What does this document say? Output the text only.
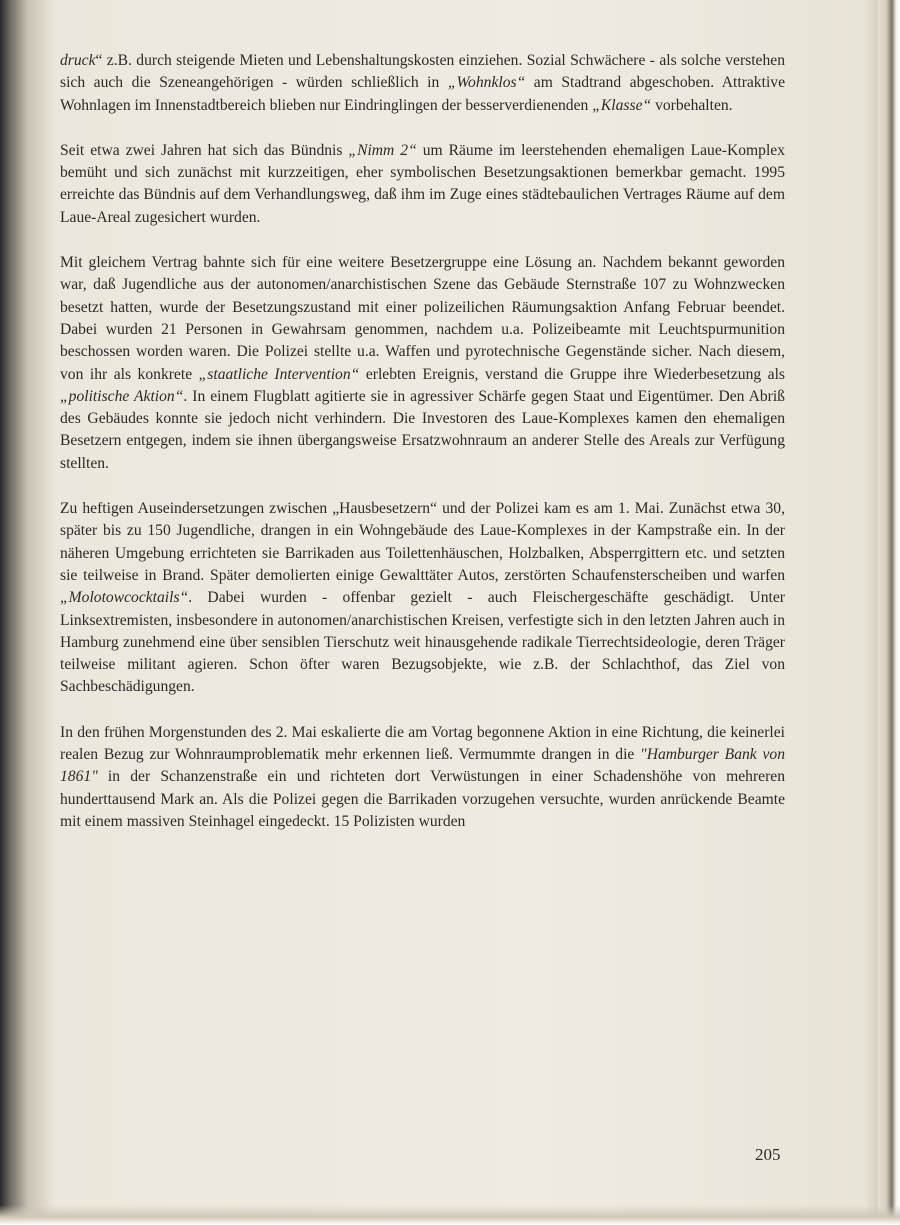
druck“ z.B. durch steigende Mieten und Lebenshaltungskosten einziehen. Sozial Schwächere - als solche verstehen sich auch die Szeneangehörigen - würden schließlich in „Wohnklos“ am Stadtrand abgeschoben. Attraktive Wohnlagen im Innenstadtbereich blieben nur Eindringlingen der besserverdienenden „Klasse“ vorbehalten.

Seit etwa zwei Jahren hat sich das Bündnis „Nimm 2“ um Räume im leerstehenden ehemaligen Laue-Komplex bemüht und sich zunächst mit kurzzeitigen, eher symbolischen Besetzungsaktionen bemerkbar gemacht. 1995 erreichte das Bündnis auf dem Verhandlungsweg, daß ihm im Zuge eines städtebaulichen Vertrages Räume auf dem Laue-Areal zugesichert wurden.

Mit gleichem Vertrag bahnte sich für eine weitere Besetzergruppe eine Lösung an. Nachdem bekannt geworden war, daß Jugendliche aus der autonomen/anarchistischen Szene das Gebäude Sternstraße 107 zu Wohnzwecken besetzt hatten, wurde der Besetzungszustand mit einer polizeilichen Räumungsaktion Anfang Februar beendet. Dabei wurden 21 Personen in Gewahrsam genommen, nachdem u.a. Polizeibeamte mit Leuchtspurmunition beschossen worden waren. Die Polizei stellte u.a. Waffen und pyrotechnische Gegenstände sicher. Nach diesem, von ihr als konkrete „staatliche Intervention“ erlebten Ereignis, verstand die Gruppe ihre Wiederbesetzung als „politische Aktion“. In einem Flugblatt agitierte sie in agressiver Schärfe gegen Staat und Eigentümer. Den Abriß des Gebäudes konnte sie jedoch nicht verhindern. Die Investoren des Laue-Komplexes kamen den ehemaligen Besetzern entgegen, indem sie ihnen übergangsweise Ersatzwohnraum an anderer Stelle des Areals zur Verfügung stellten.

Zu heftigen Auseindersetzungen zwischen „Hausbesetzern“ und der Polizei kam es am 1. Mai. Zunächst etwa 30, später bis zu 150 Jugendliche, drangen in ein Wohngebäude des Laue-Komplexes in der Kampstraße ein. In der näheren Umgebung errichteten sie Barrikaden aus Toilettenhäuschen, Holzbalken, Absperrgittern etc. und setzten sie teilweise in Brand. Später demolierten einige Gewalttäter Autos, zerstörten Schaufensterscheiben und warfen „Molotowcocktails“. Dabei wurden - offenbar gezielt - auch Fleischergeschäfte geschädigt. Unter Linksextremisten, insbesondere in autonomen/anarchistischen Kreisen, verfestigte sich in den letzten Jahren auch in Hamburg zunehmend eine über sensiblen Tierschutz weit hinausgehende radikale Tierrechtsideologie, deren Träger teilweise militant agieren. Schon öfter waren Bezugsobjekte, wie z.B. der Schlachthof, das Ziel von Sachbeschädigungen.

In den frühen Morgenstunden des 2. Mai eskalierte die am Vortag begonnene Aktion in eine Richtung, die keinerlei realen Bezug zur Wohnraumproblematik mehr erkennen ließ. Vermummte drangen in die "Hamburger Bank von 1861" in der Schanzenstraße ein und richteten dort Verwüstungen in einer Schadenshöhe von mehreren hunderttausend Mark an. Als die Polizei gegen die Barrikaden vorzugehen versuchte, wurden anrückende Beamte mit einem massiven Steinhagel eingedeckt. 15 Polizisten wurden

205
